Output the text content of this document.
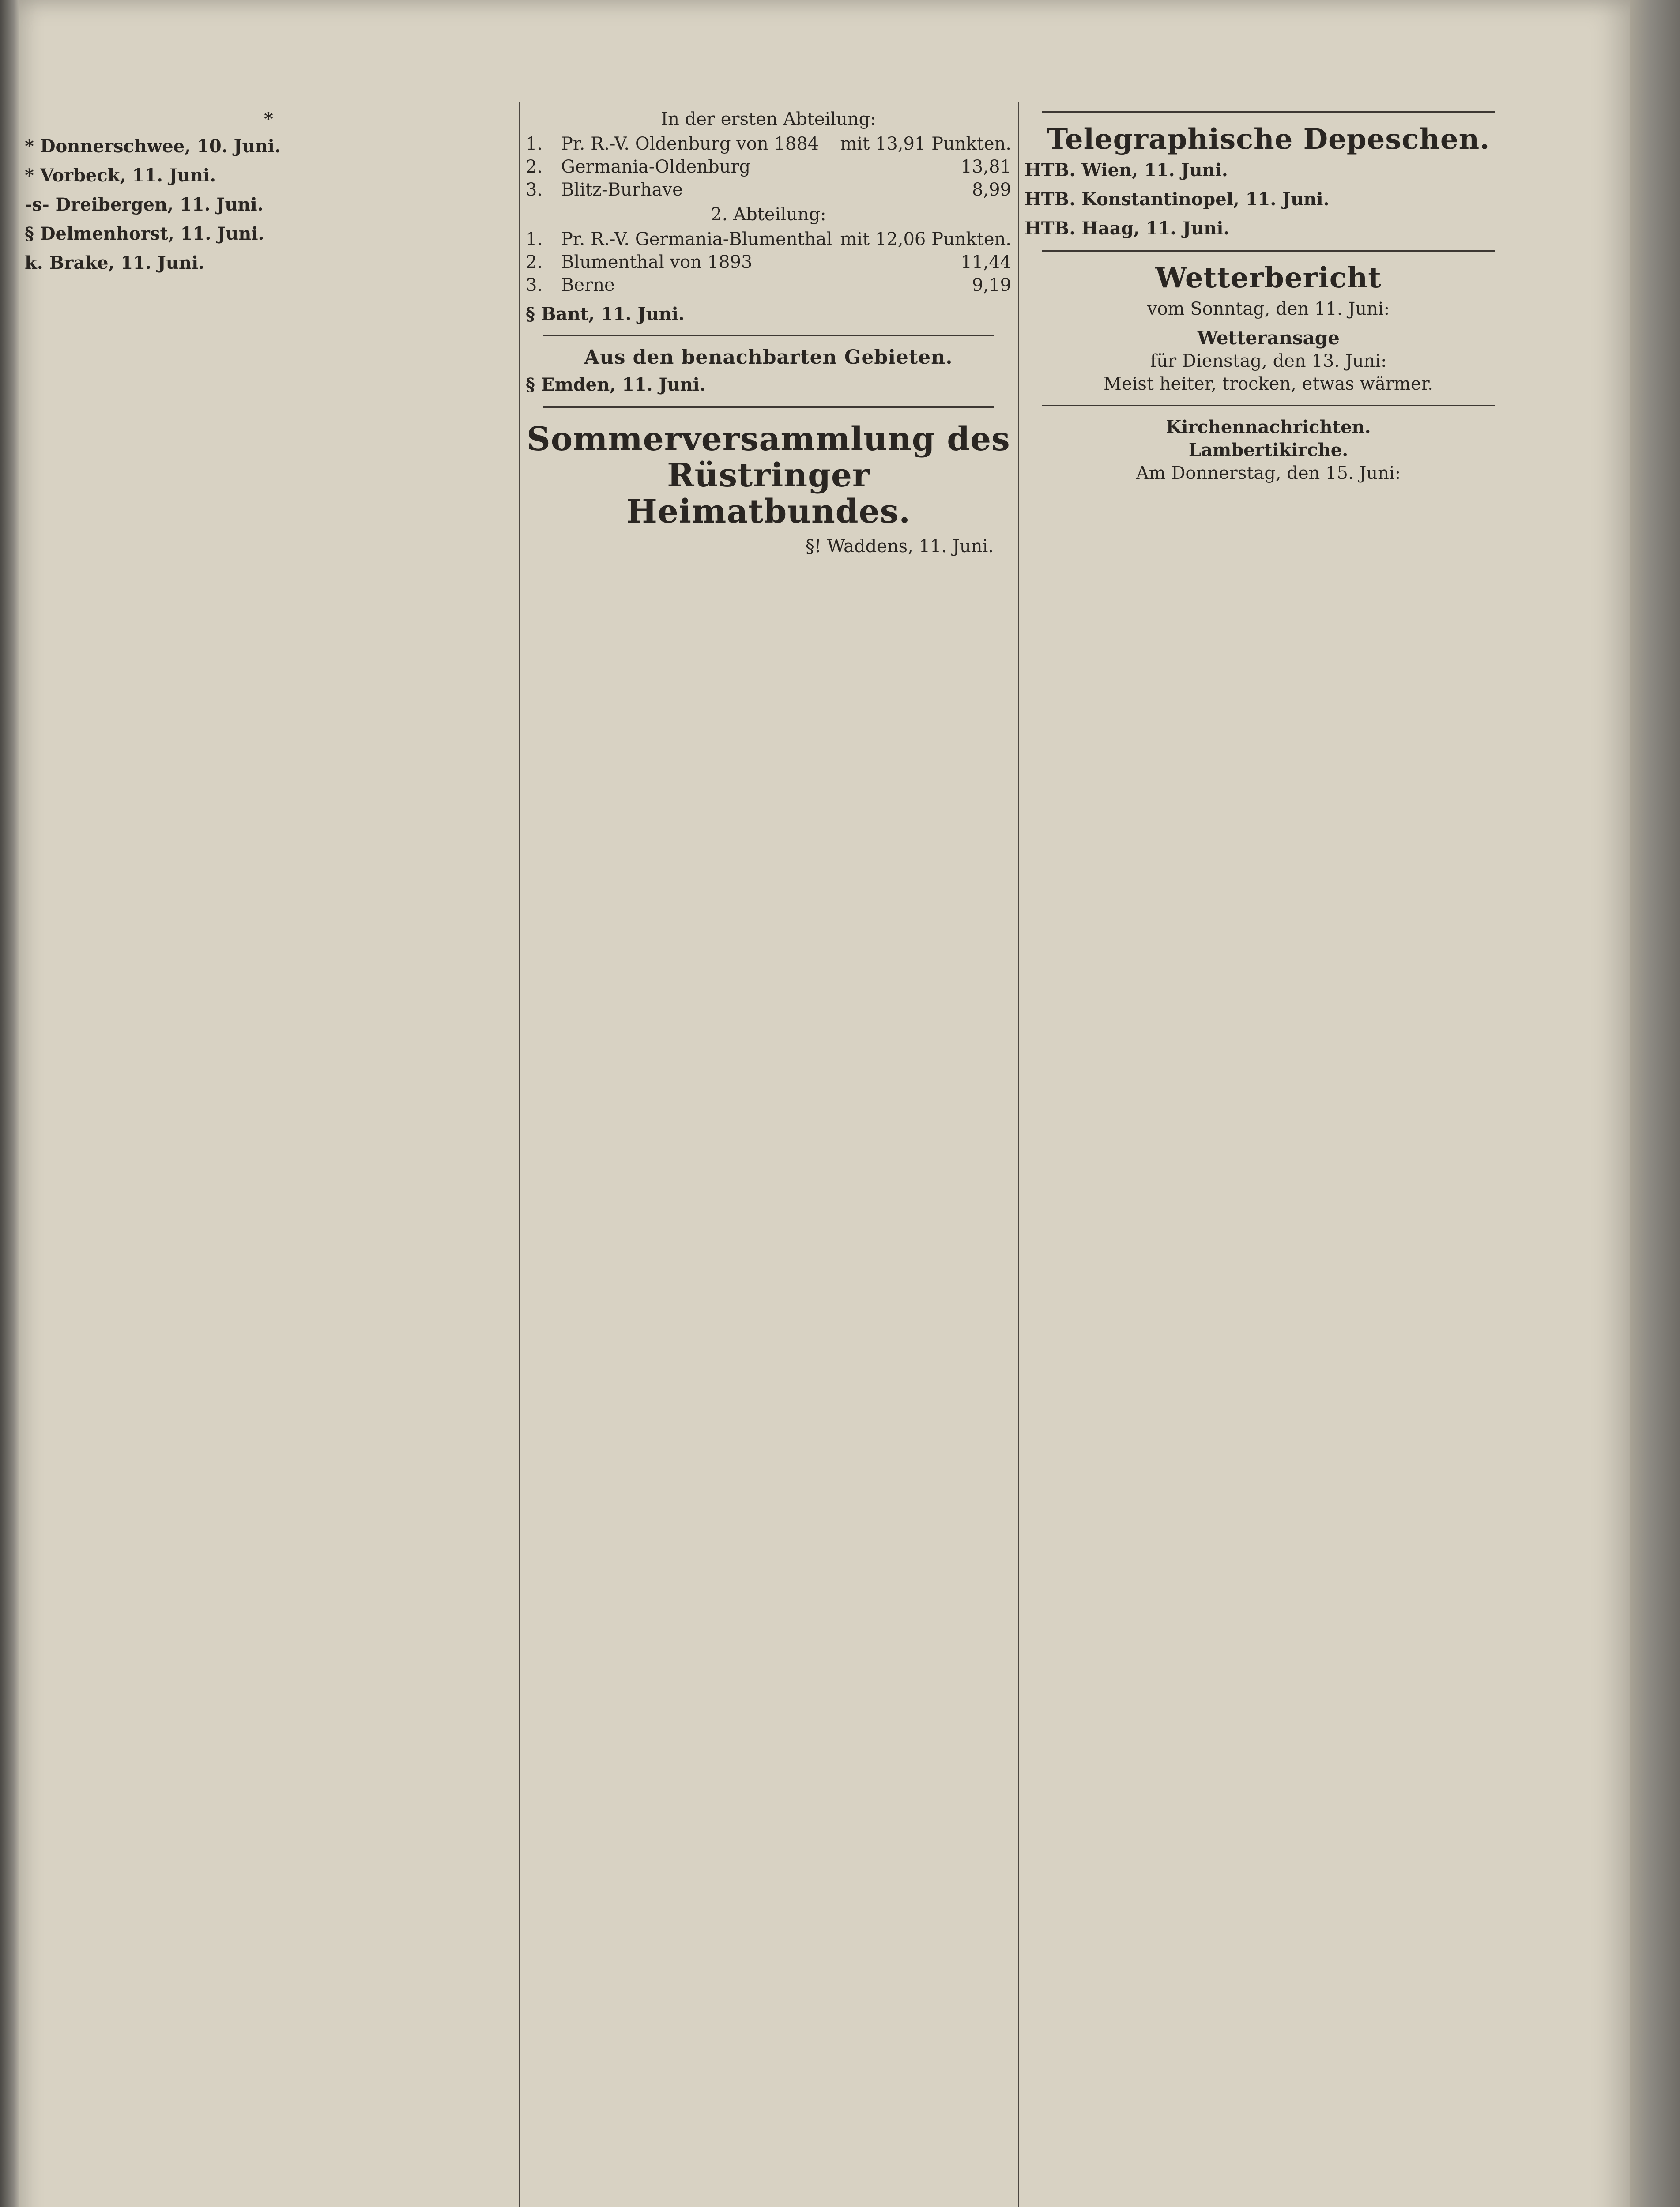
*
* Donnerschwee, 10. Juni.
* Vorbeck, 11. Juni.
-s- Dreibergen, 11. Juni.
§ Delmenhorst, 11. Juni.
k. Brake, 11. Juni.
In der ersten Abteilung:
1.	Pr. R.-V. Oldenburg von 1884	mit 13,91 Punkten.
2.	Germania-Oldenburg	13,81
3.	Blitz-Burhave	8,99
2. Abteilung:
1.	Pr. R.-V. Germania-Blumenthal	mit 12,06 Punkten.
2.	Blumenthal von 1893	11,44
3.	Berne	9,19
§ Bant, 11. Juni.
Aus den benachbarten Gebieten.
§ Emden, 11. Juni.
Sommerversammlung des Rüstringer Heimatbundes.
§! Waddens, 11. Juni.
Telegraphische Depeschen.
HTB. Wien, 11. Juni.
HTB. Konstantinopel, 11. Juni.
HTB. Haag, 11. Juni.
Wetterbericht
vom Sonntag, den 11. Juni:
Wetteransage
für Dienstag, den 13. Juni:
Meist heiter, trocken, etwas wärmer.
Kirchennachrichten.
Lambertikirche.
Am Donnerstag, den 15. Juni:
